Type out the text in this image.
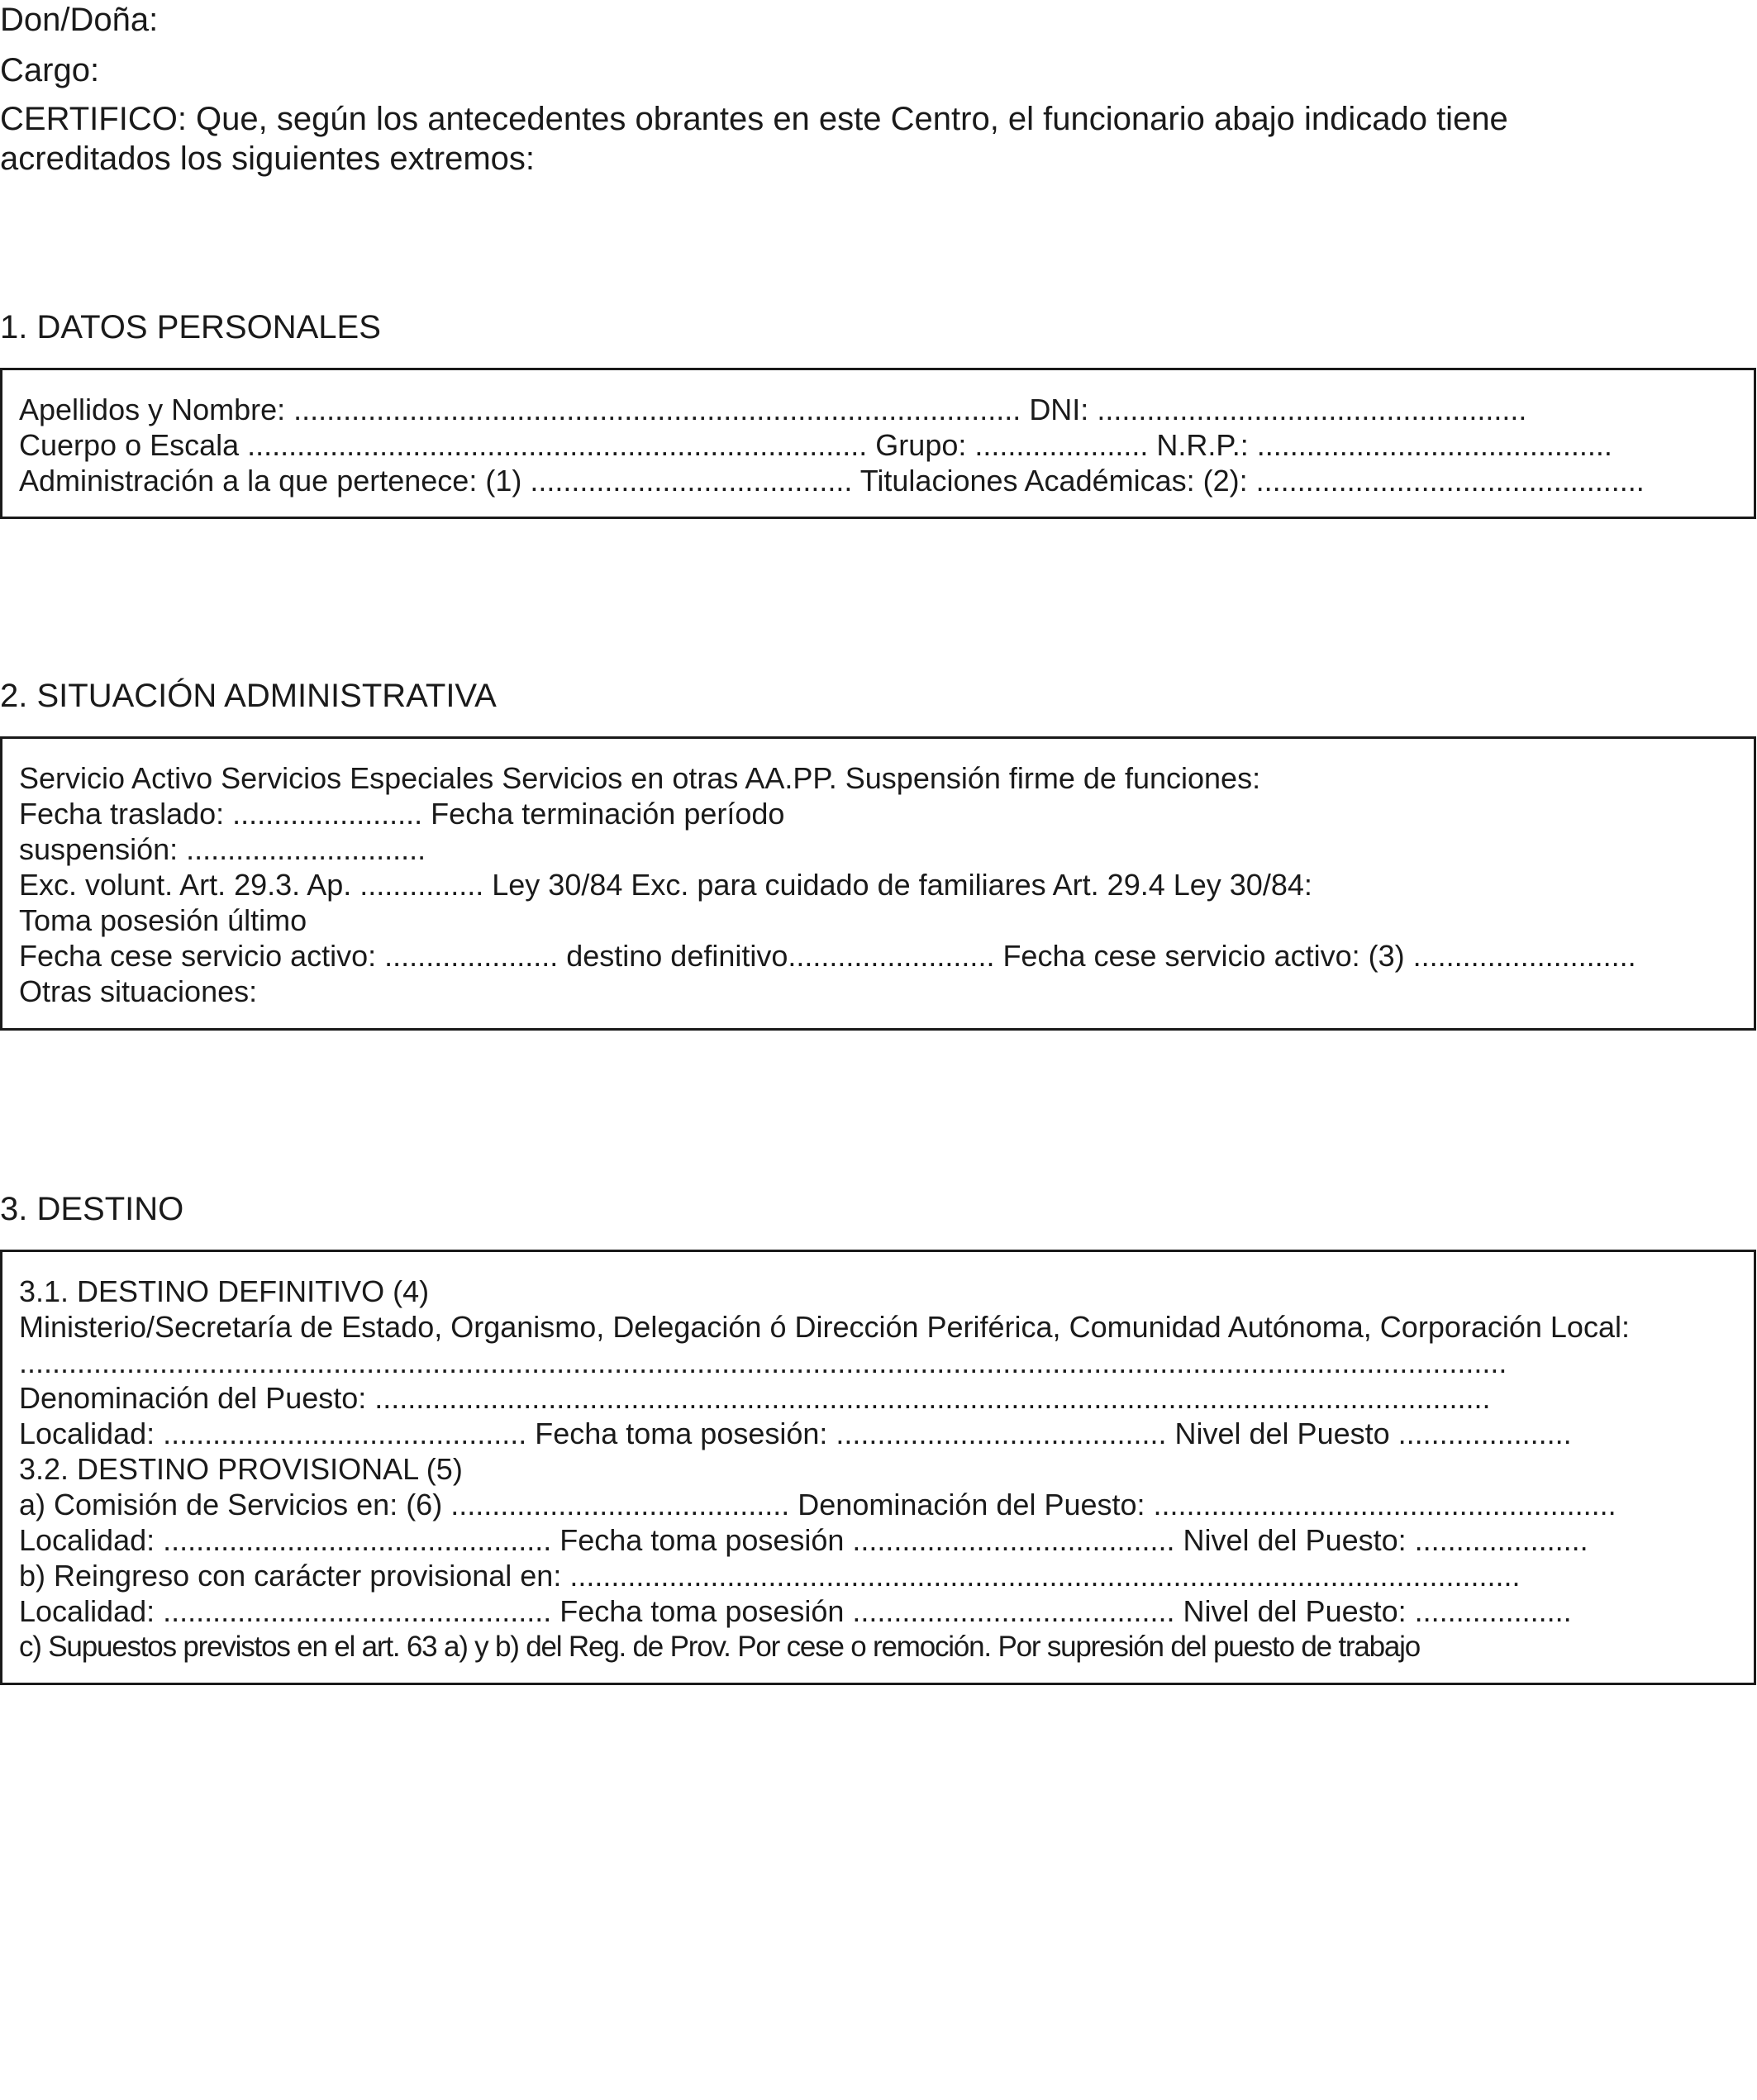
Don/Doña:
Cargo:
CERTIFICO: Que, según los antecedentes obrantes en este Centro, el funcionario abajo indicado tiene
acreditados los siguientes extremos:
1. DATOS PERSONALES
Apellidos y Nombre: ........................................................................................ DNI: ....................................................
Cuerpo o Escala ........................................................................... Grupo: ..................... N.R.P.: ...........................................
Administración a la que pertenece: (1) ....................................... Titulaciones Académicas: (2): ...............................................
2. SITUACIÓN ADMINISTRATIVA
Servicio Activo Servicios Especiales Servicios en otras AA.PP. Suspensión firme de funciones:
Fecha traslado: ....................... Fecha terminación período
suspensión: .............................
Exc. volunt. Art. 29.3. Ap. ............... Ley 30/84 Exc. para cuidado de familiares Art. 29.4 Ley 30/84:
Toma posesión último
Fecha cese servicio activo: ..................... destino definitivo......................... Fecha cese servicio activo: (3) ...........................
Otras situaciones:
3. DESTINO
3.1. DESTINO DEFINITIVO (4)
Ministerio/Secretaría de Estado, Organismo, Delegación ó Dirección Periférica, Comunidad Autónoma, Corporación Local:
....................................................................................................................................................................................
Denominación del Puesto: .......................................................................................................................................
Localidad: ............................................ Fecha toma posesión: ........................................ Nivel del Puesto .....................
3.2. DESTINO PROVISIONAL (5)
a) Comisión de Servicios en: (6) ......................................... Denominación del Puesto: ........................................................
Localidad: ............................................... Fecha toma posesión ....................................... Nivel del Puesto: .....................
b) Reingreso con carácter provisional en: ...................................................................................................................
Localidad: ............................................... Fecha toma posesión ....................................... Nivel del Puesto: ...................
c) Supuestos previstos en el art. 63 a) y b) del Reg. de Prov. Por cese o remoción. Por supresión del puesto de trabajo
